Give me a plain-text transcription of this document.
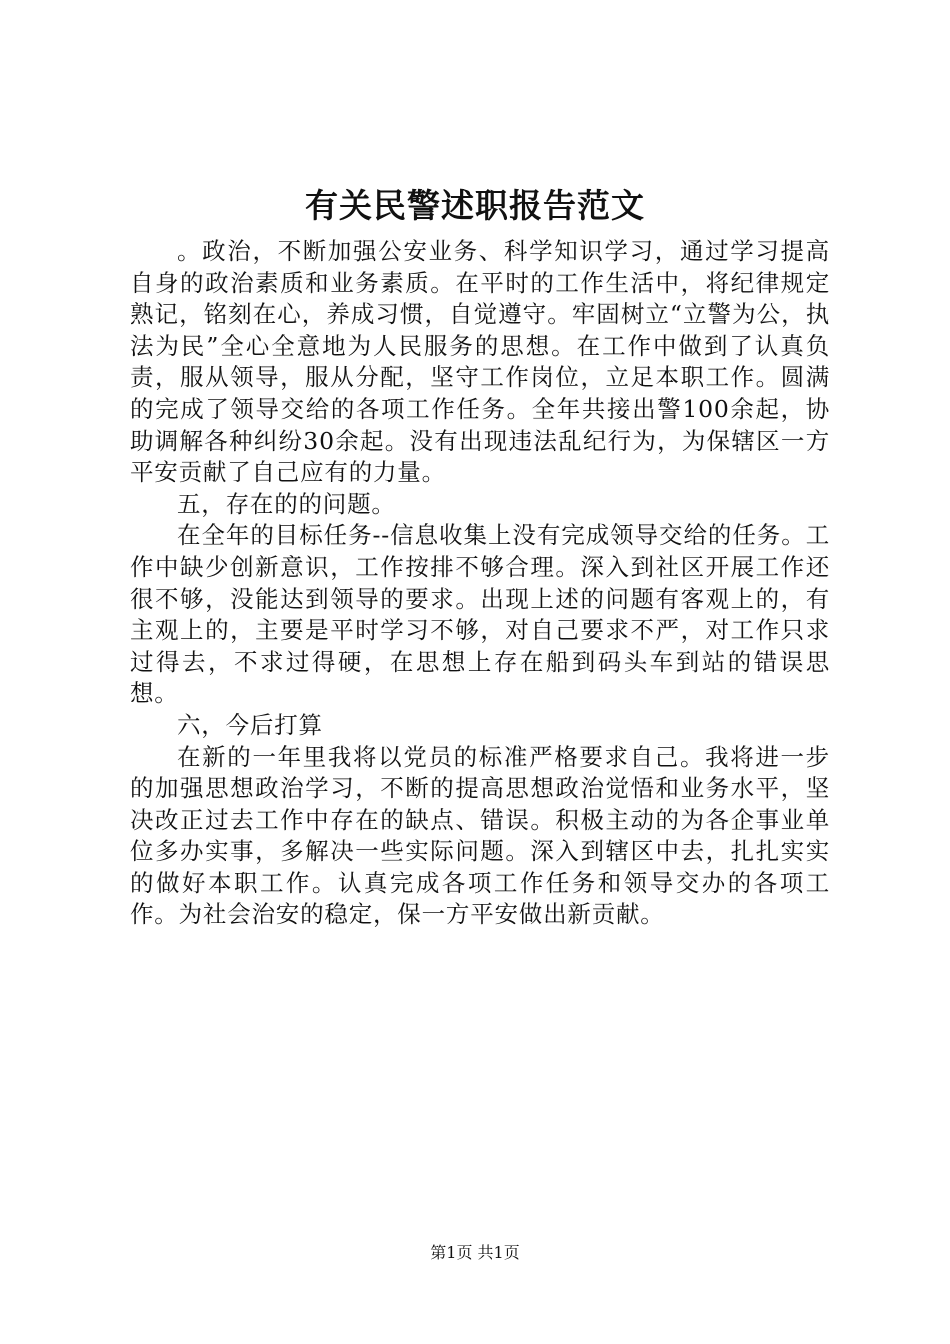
有关民警述职报告范文

。政治，不断加强公安业务、科学知识学习，通过学习提高自身的政治素质和业务素质。在平时的工作生活中，将纪律规定熟记，铭刻在心，养成习惯，自觉遵守。牢固树立“立警为公，执法为民”全心全意地为人民服务的思想。在工作中做到了认真负责，服从领导，服从分配，坚守工作岗位，立足本职工作。圆满的完成了领导交给的各项工作任务。全年共接出警100余起，协助调解各种纠纷30余起。没有出现违法乱纪行为，为保辖区一方平安贡献了自己应有的力量。

五，存在的的问题。

在全年的目标任务--信息收集上没有完成领导交给的任务。工作中缺少创新意识，工作按排不够合理。深入到社区开展工作还很不够，没能达到领导的要求。出现上述的问题有客观上的，有主观上的，主要是平时学习不够，对自己要求不严，对工作只求过得去，不求过得硬，在思想上存在船到码头车到站的错误思想。

六，今后打算

在新的一年里我将以党员的标准严格要求自己。我将进一步的加强思想政治学习，不断的提高思想政治觉悟和业务水平，坚决改正过去工作中存在的缺点、错误。积极主动的为各企事业单位多办实事，多解决一些实际问题。深入到辖区中去，扎扎实实的做好本职工作。认真完成各项工作任务和领导交办的各项工作。为社会治安的稳定，保一方平安做出新贡献。

第1页 共1页
